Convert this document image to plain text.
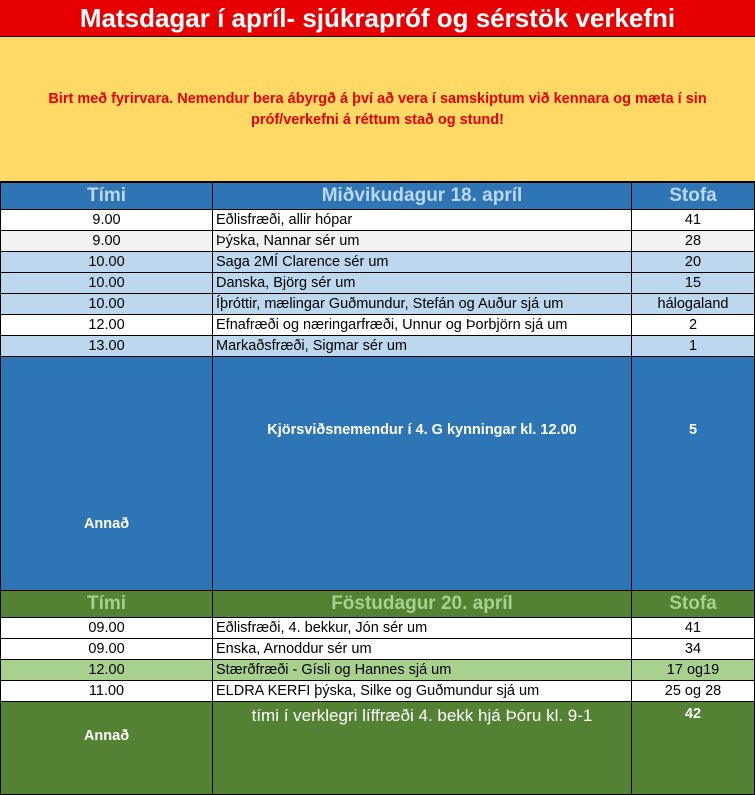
Matsdagar í apríl- sjúkrapróf og sérstök verkefni
Birt með fyrirvara. Nemendur bera ábyrgð á því að vera í samskiptum við kennara og mæta í sin próf/verkefni á réttum stað og stund!
Tími	Miðvikudagur 18. apríl	Stofa
9.00	Eðlisfræði, allir hópar	41
9.00	Þýska, Nannar sér um	28
10.00	Saga 2MÍ Clarence sér um	20
10.00	Danska, Björg sér um	15
10.00	Íþróttir, mælingar Guðmundur, Stefán og Auður sjá um	hálogaland
12.00	Efnafræði og næringarfræði, Unnur og Þorbjörn sjá um	2
13.00	Markaðsfræði, Sigmar sér um	1

Annað	Kjörsviðsnemendur í 4. G kynningar kl. 12.00	5
Tími	Föstudagur 20. apríl	Stofa
09.00	Eðlisfræði, 4. bekkur, Jón sér um	41
09.00	Enska, Arnoddur sér um	34
12.00	Stærðfræði - Gísli og Hannes sjá um	17 og19
11.00	ELDRA KERFI þýska, Silke og Guðmundur sjá um	25 og 28
Annað	tími í verklegri líffræði 4. bekk hjá Þóru kl. 9-1	42
